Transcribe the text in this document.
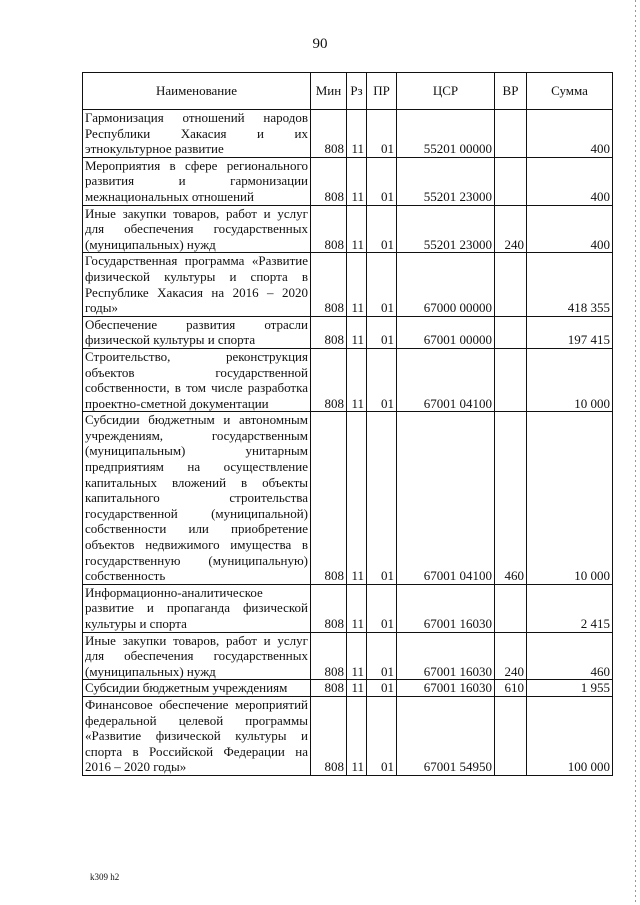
90
Наименование	Мин	Рз	ПР	ЦСР	ВР	Сумма
Гармонизация отношений народов Республики Хакасия и их этнокультурное развитие	808	11	01	55201 00000		400
Мероприятия в сфере регионального развития и гармонизации межнациональных отношений	808	11	01	55201 23000		400
Иные закупки товаров, работ и услуг для обеспечения государственных (муниципальных) нужд	808	11	01	55201 23000	240	400
Государственная программа «Развитие физической культуры и спорта в Республике Хакасия на 2016 – 2020 годы»	808	11	01	67000 00000		418 355
Обеспечение развития отрасли физической культуры и спорта	808	11	01	67001 00000		197 415
Строительство, реконструкция объектов государственной собственности, в том числе разработка проектно-сметной документации	808	11	01	67001 04100		10 000
Субсидии бюджетным и автономным учреждениям, государственным (муниципальным) унитарным предприятиям на осуществление капитальных вложений в объекты капитального строительства государственной (муниципальной) собственности или приобретение объектов недвижимого имущества в государственную (муниципальную) собственность	808	11	01	67001 04100	460	10 000
Информационно-аналитическое развитие и пропаганда физической культуры и спорта	808	11	01	67001 16030		2 415
Иные закупки товаров, работ и услуг для обеспечения государственных (муниципальных) нужд	808	11	01	67001 16030	240	460
Субсидии бюджетным учреждениям	808	11	01	67001 16030	610	1 955
Финансовое обеспечение мероприятий федеральной целевой программы «Развитие физической культуры и спорта в Российской Федерации на 2016 – 2020 годы»	808	11	01	67001 54950		100 000
k309 h2
